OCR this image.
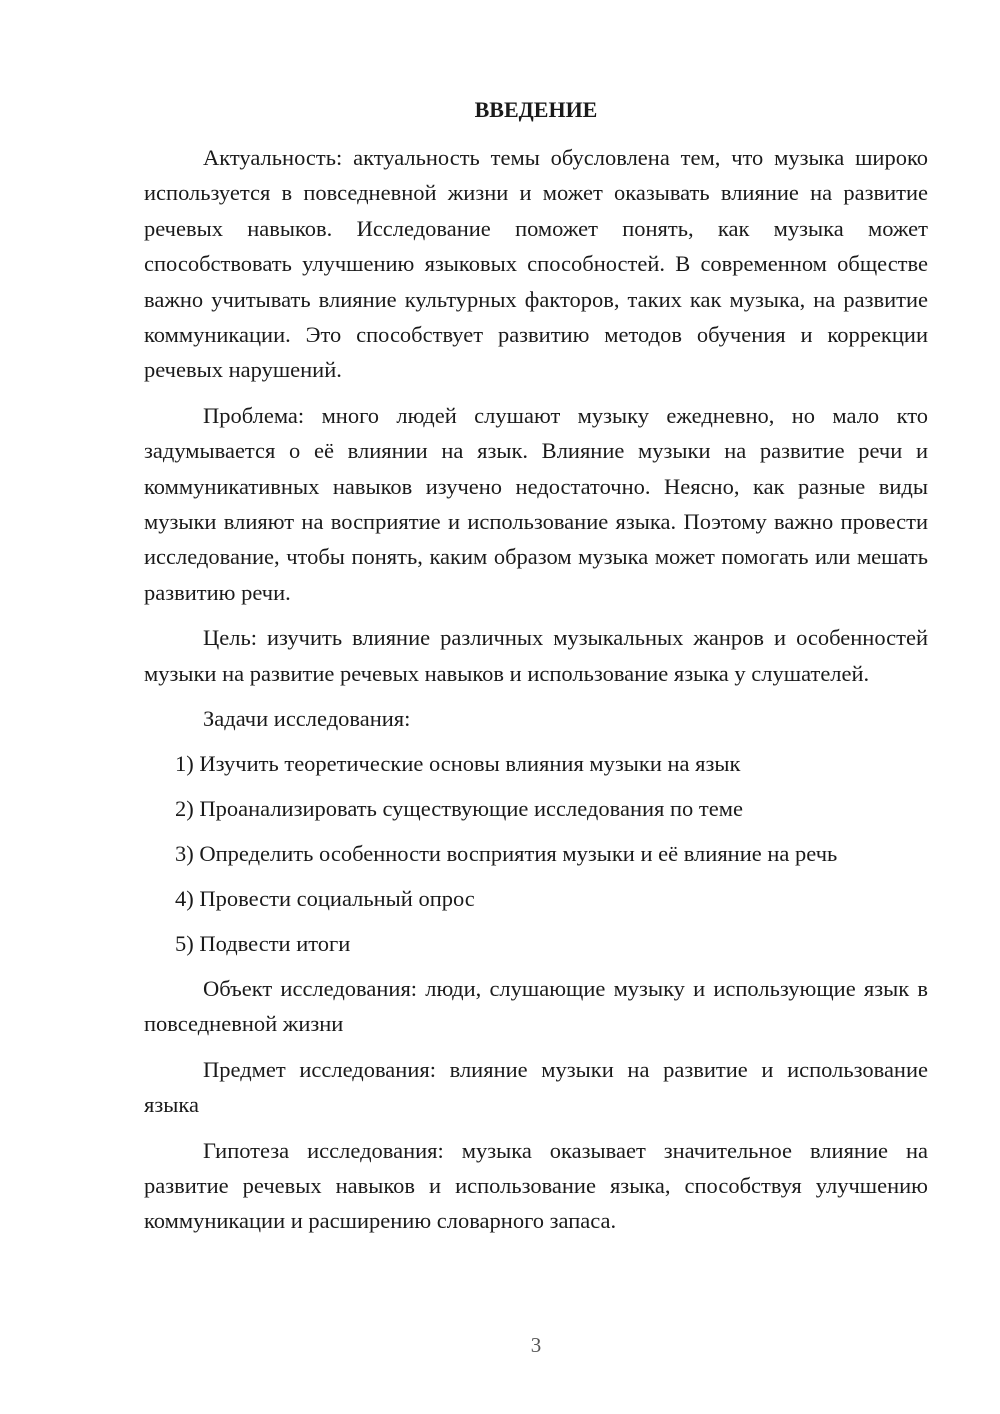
ВВЕДЕНИЕ

Актуальность: актуальность темы обусловлена тем, что музыка широко используется в повседневной жизни и может оказывать влияние на развитие речевых навыков. Исследование поможет понять, как музыка может способствовать улучшению языковых способностей. В современном обществе важно учитывать влияние культурных факторов, таких как музыка, на развитие коммуникации. Это способствует развитию методов обучения и коррекции речевых нарушений.

Проблема: много людей слушают музыку ежедневно, но мало кто задумывается о её влиянии на язык. Влияние музыки на развитие речи и коммуникативных навыков изучено недостаточно. Неясно, как разные виды музыки влияют на восприятие и использование языка. Поэтому важно провести исследование, чтобы понять, каким образом музыка может помогать или мешать развитию речи.

Цель: изучить влияние различных музыкальных жанров и особенностей музыки на развитие речевых навыков и использование языка у слушателей.

Задачи исследования:

1) Изучить теоретические основы влияния музыки на язык
2) Проанализировать существующие исследования по теме
3) Определить особенности восприятия музыки и её влияние на речь
4) Провести социальный опрос
5) Подвести итоги

Объект исследования: люди, слушающие музыку и использующие язык в повседневной жизни

Предмет исследования: влияние музыки на развитие и использование языка

Гипотеза исследования: музыка оказывает значительное влияние на развитие речевых навыков и использование языка, способствуя улучшению коммуникации и расширению словарного запаса.

3
